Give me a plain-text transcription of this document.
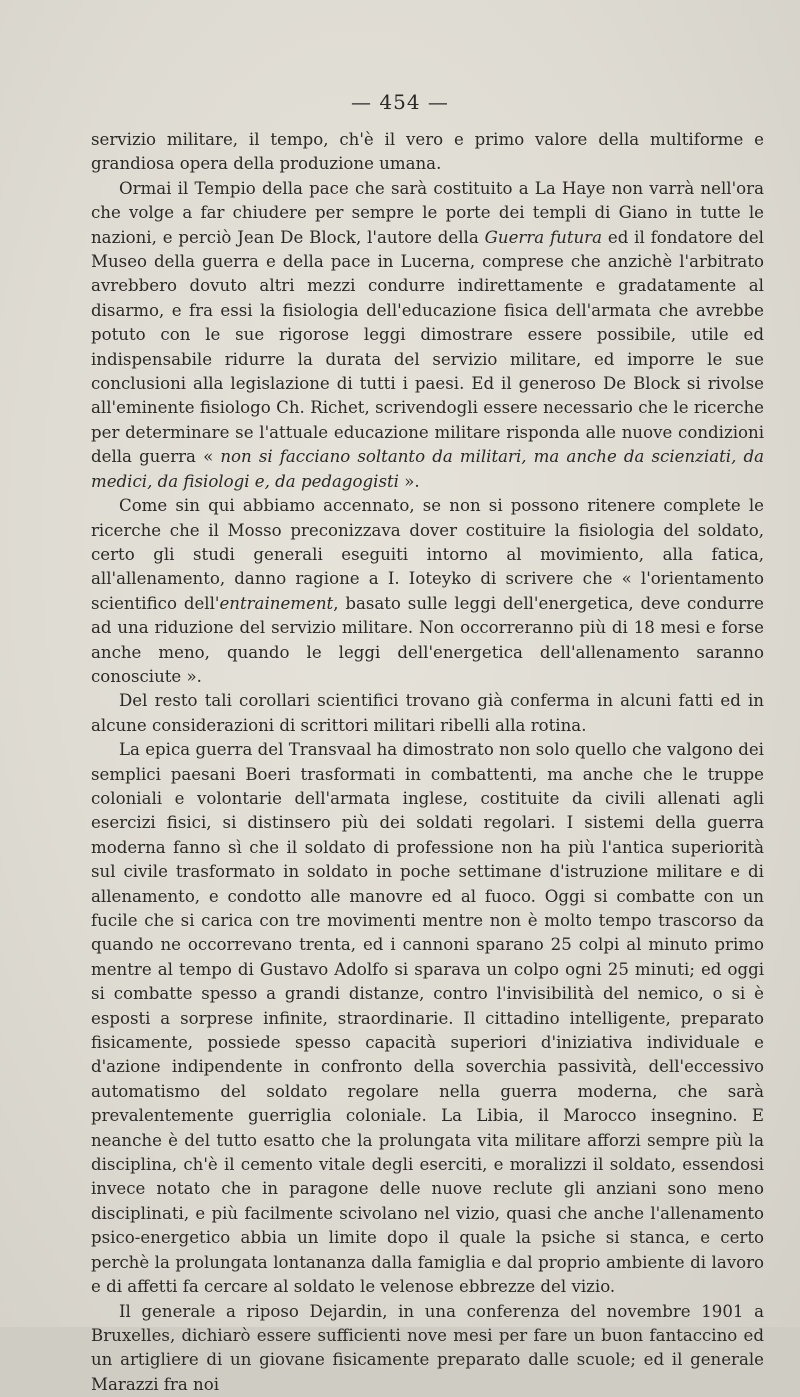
— 454 —

servizio militare, il tempo, ch'è il vero e primo valore della multiforme e grandiosa opera della produzione umana.

Ormai il Tempio della pace che sarà costituito a La Haye non varrà nell'ora che volge a far chiudere per sempre le porte dei templi di Giano in tutte le nazioni, e perciò Jean De Block, l'autore della Guerra futura ed il fondatore del Museo della guerra e della pace in Lucerna, comprese che anzichè l'arbitrato avrebbero dovuto altri mezzi condurre indirettamente e gradatamente al disarmo, e fra essi la fisiologia dell'educazione fisica dell'armata che avrebbe potuto con le sue rigorose leggi dimostrare essere possibile, utile ed indispensabile ridurre la durata del servizio militare, ed imporre le sue conclusioni alla legislazione di tutti i paesi. Ed il generoso De Block si rivolse all'eminente fisiologo Ch. Richet, scrivendogli essere necessario che le ricerche per determinare se l'attuale educazione militare risponda alle nuove condizioni della guerra « non si facciano soltanto da militari, ma anche da scienziati, da medici, da fisiologi e, da pedagogisti ».

Come sin qui abbiamo accennato, se non si possono ritenere complete le ricerche che il Mosso preconizzava dover costituire la fisiologia del soldato, certo gli studi generali eseguiti intorno al movimiento, alla fatica, all'allenamento, danno ragione a I. Ioteyko di scrivere che « l'orientamento scientifico dell'entrainement, basato sulle leggi dell'energetica, deve condurre ad una riduzione del servizio militare. Non occorreranno più di 18 mesi e forse anche meno, quando le leggi dell'energetica dell'allenamento saranno conosciute ».

Del resto tali corollari scientifici trovano già conferma in alcuni fatti ed in alcune considerazioni di scrittori militari ribelli alla rotina.

La epica guerra del Transvaal ha dimostrato non solo quello che valgono dei semplici paesani Boeri trasformati in combattenti, ma anche che le truppe coloniali e volontarie dell'armata inglese, costituite da civili allenati agli esercizi fisici, si distinsero più dei soldati regolari. I sistemi della guerra moderna fanno sì che il soldato di professione non ha più l'antica superiorità sul civile trasformato in soldato in poche settimane d'istruzione militare e di allenamento, e condotto alle manovre ed al fuoco. Oggi si combatte con un fucile che si carica con tre movimenti mentre non è molto tempo trascorso da quando ne occorrevano trenta, ed i cannoni sparano 25 colpi al minuto primo mentre al tempo di Gustavo Adolfo si sparava un colpo ogni 25 minuti; ed oggi si combatte spesso a grandi distanze, contro l'invisibilità del nemico, o si è esposti a sorprese infinite, straordinarie. Il cittadino intelligente, preparato fisicamente, possiede spesso capacità superiori d'iniziativa individuale e d'azione indipendente in confronto della soverchia passività, dell'eccessivo automatismo del soldato regolare nella guerra moderna, che sarà prevalentemente guerriglia coloniale. La Libia, il Marocco insegnino. E neanche è del tutto esatto che la prolungata vita militare afforzi sempre più la disciplina, ch'è il cemento vitale degli eserciti, e moralizzi il soldato, essendosi invece notato che in paragone delle nuove reclute gli anziani sono meno disciplinati, e più facilmente scivolano nel vizio, quasi che anche l'allenamento psico-energetico abbia un limite dopo il quale la psiche si stanca, e certo perchè la prolungata lontananza dalla famiglia e dal proprio ambiente di lavoro e di affetti fa cercare al soldato le velenose ebbrezze del vizio.

Il generale a riposo Dejardin, in una conferenza del novembre 1901 a Bruxelles, dichiarò essere sufficienti nove mesi per fare un buon fantaccino ed un artigliere di un giovane fisicamente preparato dalle scuole; ed il generale Marazzi fra noi
